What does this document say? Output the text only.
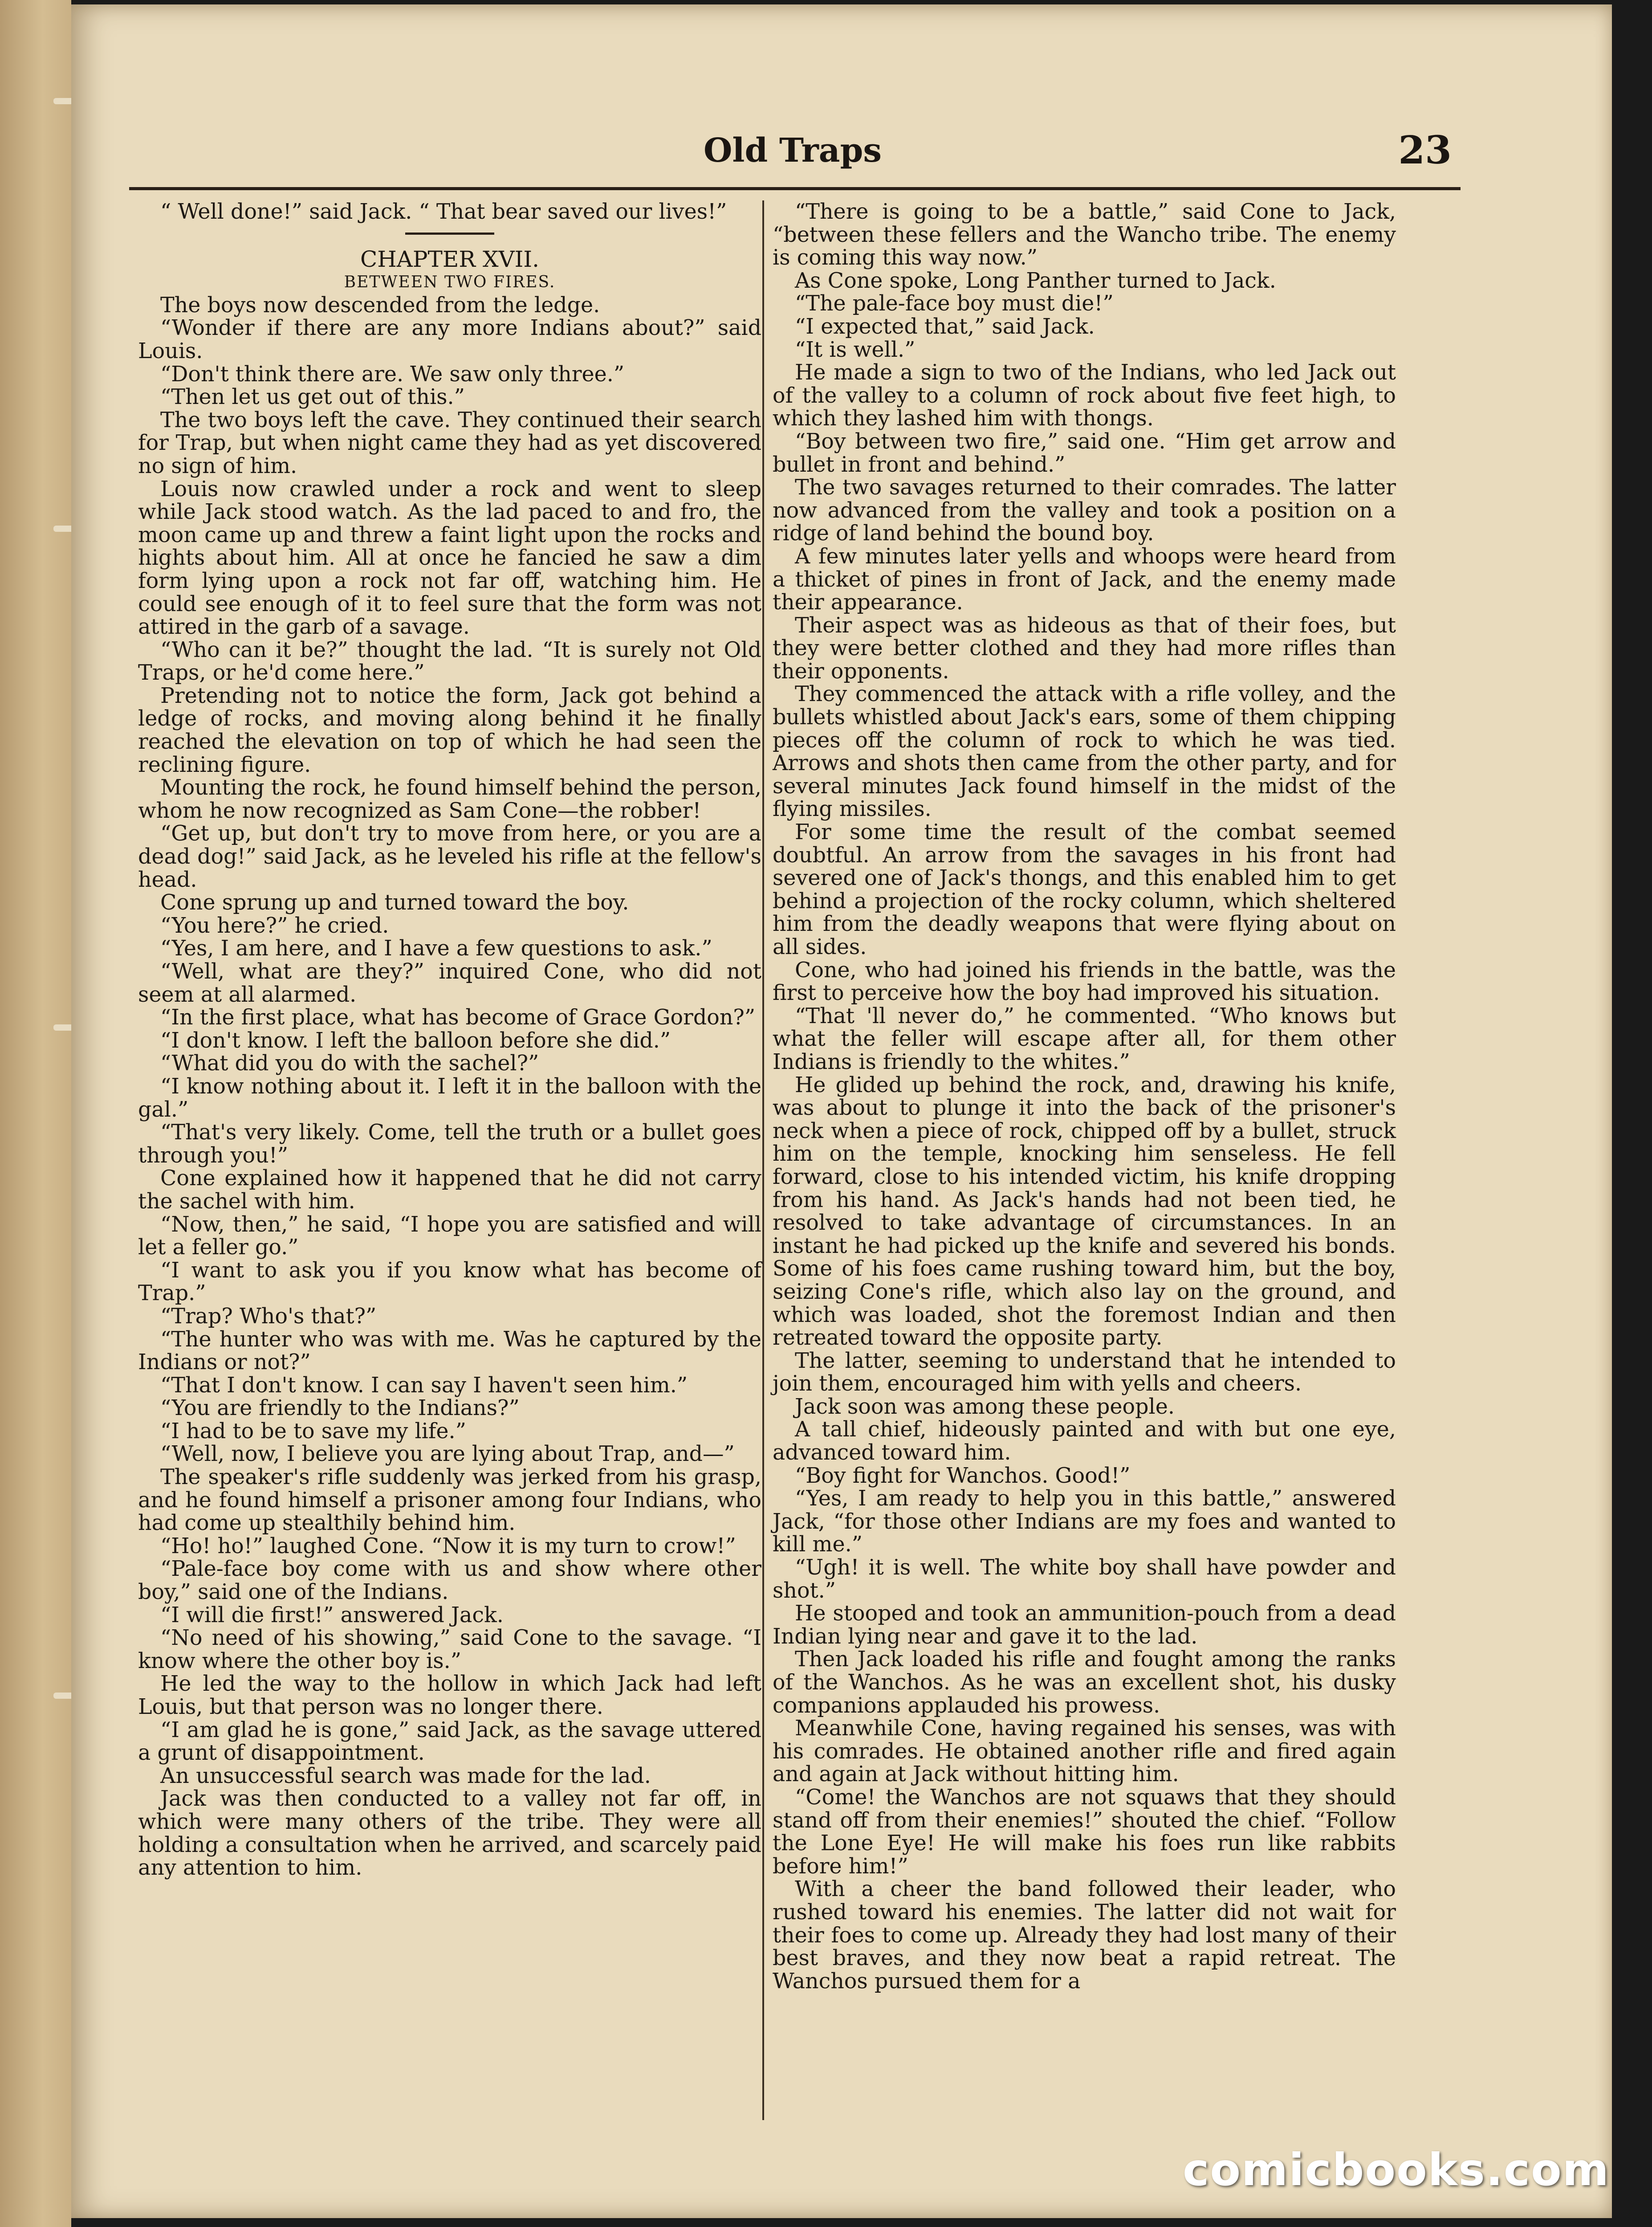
Old Traps	23

“ Well done!” said Jack. “ That bear saved our lives!”

CHAPTER XVII.

BETWEEN TWO FIRES.

The boys now descended from the ledge.

“Wonder if there are any more Indians about?” said Louis.

“Don't think there are. We saw only three.”

“Then let us get out of this.”

The two boys left the cave. They continued their search for Trap, but when night came they had as yet discovered no sign of him.

Louis now crawled under a rock and went to sleep while Jack stood watch. As the lad paced to and fro, the moon came up and threw a faint light upon the rocks and hights about him. All at once he fancied he saw a dim form lying upon a rock not far off, watching him. He could see enough of it to feel sure that the form was not attired in the garb of a savage.

“Who can it be?” thought the lad. “It is surely not Old Traps, or he'd come here.”

Pretending not to notice the form, Jack got behind a ledge of rocks, and moving along behind it he finally reached the elevation on top of which he had seen the reclining figure.

Mounting the rock, he found himself behind the person, whom he now recognized as Sam Cone—the robber!

“Get up, but don't try to move from here, or you are a dead dog!” said Jack, as he leveled his rifle at the fellow's head.

Cone sprung up and turned toward the boy.

“You here?” he cried.

“Yes, I am here, and I have a few questions to ask.”

“Well, what are they?” inquired Cone, who did not seem at all alarmed.

“In the first place, what has become of Grace Gordon?”

“I don't know. I left the balloon before she did.”

“What did you do with the sachel?”

“I know nothing about it. I left it in the balloon with the gal.”

“That's very likely. Come, tell the truth or a bullet goes through you!”

Cone explained how it happened that he did not carry the sachel with him.

“Now, then,” he said, “I hope you are satisfied and will let a feller go.”

“I want to ask you if you know what has become of Trap.”

“Trap? Who's that?”

“The hunter who was with me. Was he captured by the Indians or not?”

“That I don't know. I can say I haven't seen him.”

“You are friendly to the Indians?”

“I had to be to save my life.”

“Well, now, I believe you are lying about Trap, and—”

The speaker's rifle suddenly was jerked from his grasp, and he found himself a prisoner among four Indians, who had come up stealthily behind him.

“Ho! ho!” laughed Cone. “Now it is my turn to crow!”

“Pale-face boy come with us and show where other boy,” said one of the Indians.

“I will die first!” answered Jack.

“No need of his showing,” said Cone to the savage. “I know where the other boy is.”

He led the way to the hollow in which Jack had left Louis, but that person was no longer there.

“I am glad he is gone,” said Jack, as the savage uttered a grunt of disappointment.

An unsuccessful search was made for the lad.

Jack was then conducted to a valley not far off, in which were many others of the tribe. They were all holding a consultation when he arrived, and scarcely paid any attention to him.

“There is going to be a battle,” said Cone to Jack, “between these fellers and the Wancho tribe. The enemy is coming this way now.”

As Cone spoke, Long Panther turned to Jack.

“The pale-face boy must die!”

“I expected that,” said Jack.

“It is well.”

He made a sign to two of the Indians, who led Jack out of the valley to a column of rock about five feet high, to which they lashed him with thongs.

“Boy between two fire,” said one. “Him get arrow and bullet in front and behind.”

The two savages returned to their comrades. The latter now advanced from the valley and took a position on a ridge of land behind the bound boy.

A few minutes later yells and whoops were heard from a thicket of pines in front of Jack, and the enemy made their appearance.

Their aspect was as hideous as that of their foes, but they were better clothed and they had more rifles than their opponents.

They commenced the attack with a rifle volley, and the bullets whistled about Jack's ears, some of them chipping pieces off the column of rock to which he was tied. Arrows and shots then came from the other party, and for several minutes Jack found himself in the midst of the flying missiles.

For some time the result of the combat seemed doubtful. An arrow from the savages in his front had severed one of Jack's thongs, and this enabled him to get behind a projection of the rocky column, which sheltered him from the deadly weapons that were flying about on all sides.

Cone, who had joined his friends in the battle, was the first to perceive how the boy had improved his situation.

“That 'll never do,” he commented. “Who knows but what the feller will escape after all, for them other Indians is friendly to the whites.”

He glided up behind the rock, and, drawing his knife, was about to plunge it into the back of the prisoner's neck when a piece of rock, chipped off by a bullet, struck him on the temple, knocking him senseless. He fell forward, close to his intended victim, his knife dropping from his hand. As Jack's hands had not been tied, he resolved to take advantage of circumstances. In an instant he had picked up the knife and severed his bonds. Some of his foes came rushing toward him, but the boy, seizing Cone's rifle, which also lay on the ground, and which was loaded, shot the foremost Indian and then retreated toward the opposite party.

The latter, seeming to understand that he intended to join them, encouraged him with yells and cheers.

Jack soon was among these people.

A tall chief, hideously painted and with but one eye, advanced toward him.

“Boy fight for Wanchos. Good!”

“Yes, I am ready to help you in this battle,” answered Jack, “for those other Indians are my foes and wanted to kill me.”

“Ugh! it is well. The white boy shall have powder and shot.”

He stooped and took an ammunition-pouch from a dead Indian lying near and gave it to the lad.

Then Jack loaded his rifle and fought among the ranks of the Wanchos. As he was an excellent shot, his dusky companions applauded his prowess.

Meanwhile Cone, having regained his senses, was with his comrades. He obtained another rifle and fired again and again at Jack without hitting him.

“Come! the Wanchos are not squaws that they should stand off from their enemies!” shouted the chief. “Follow the Lone Eye! He will make his foes run like rabbits before him!”

With a cheer the band followed their leader, who rushed toward his enemies. The latter did not wait for their foes to come up. Already they had lost many of their best braves, and they now beat a rapid retreat. The Wanchos pursued them for a

comicbooks.com
